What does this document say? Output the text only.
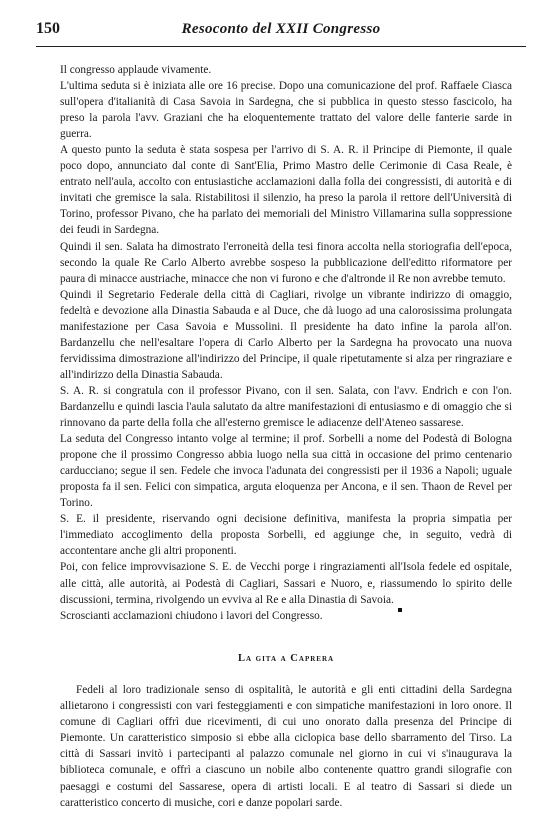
150	Resoconto del XXII Congresso

Il congresso applaude vivamente.

L'ultima seduta si è iniziata alle ore 16 precise. Dopo una comunicazione del prof. Raffaele Ciasca sull'opera d'italianità di Casa Savoia in Sardegna, che si pubblica in questo stesso fascicolo, ha preso la parola l'avv. Graziani che ha eloquentemente trattato del valore delle fanterie sarde in guerra.

A questo punto la seduta è stata sospesa per l'arrivo di S. A. R. il Principe di Piemonte, il quale poco dopo, annunciato dal conte di Sant'Elia, Primo Mastro delle Cerimonie di Casa Reale, è entrato nell'aula, accolto con entusiastiche acclamazioni dalla folla dei congressisti, di autorità e di invitati che gremisce la sala. Ristabilitosi il silenzio, ha preso la parola il rettore dell'Università di Torino, professor Pivano, che ha parlato dei memoriali del Ministro Villamarina sulla soppressione dei feudi in Sardegna.

Quindi il sen. Salata ha dimostrato l'erroneità della tesi finora accolta nella storiografia dell'epoca, secondo la quale Re Carlo Alberto avrebbe sospeso la pubblicazione dell'editto riformatore per paura di minacce austriache, minacce che non vi furono e che d'altronde il Re non avrebbe temuto.

Quindi il Segretario Federale della città di Cagliari, rivolge un vibrante indirizzo di omaggio, fedeltà e devozione alla Dinastia Sabauda e al Duce, che dà luogo ad una calorosissima prolungata manifestazione per Casa Savoia e Mussolini. Il presidente ha dato infine la parola all'on. Bardanzellu che nell'esaltare l'opera di Carlo Alberto per la Sardegna ha provocato una nuova fervidissima dimostrazione all'indirizzo del Principe, il quale ripetutamente si alza per ringraziare e all'indirizzo della Dinastia Sabauda.

S. A. R. si congratula con il professor Pivano, con il sen. Salata, con l'avv. Endrich e con l'on. Bardanzellu e quindi lascia l'aula salutato da altre manifestazioni di entusiasmo e di omaggio che si rinnovano da parte della folla che all'esterno gremisce le adiacenze dell'Ateneo sassarese.

La seduta del Congresso intanto volge al termine; il prof. Sorbelli a nome del Podestà di Bologna propone che il prossimo Congresso abbia luogo nella sua città in occasione del primo centenario carducciano; segue il sen. Fedele che invoca l'adunata dei congressisti per il 1936 a Napoli; uguale proposta fa il sen. Felici con simpatica, arguta eloquenza per Ancona, e il sen. Thaon de Revel per Torino.

S. E. il presidente, riservando ogni decisione definitiva, manifesta la propria simpatia per l'immediato accoglimento della proposta Sorbelli, ed aggiunge che, in seguito, vedrà di accontentare anche gli altri proponenti.

Poi, con felice improvvisazione S. E. de Vecchi porge i ringraziamenti all'Isola fedele ed ospitale, alle città, alle autorità, ai Podestà di Cagliari, Sassari e Nuoro, e, riassumendo lo spirito delle discussioni, termina, rivolgendo un evviva al Re e alla Dinastia di Savoia.

Scroscianti acclamazioni chiudono i lavori del Congresso.

La gita a Caprera

Fedeli al loro tradizionale senso di ospitalità, le autorità e gli enti cittadini della Sardegna allietarono i congressisti con vari festeggiamenti e con simpatiche manifestazioni in loro onore. Il comune di Cagliari offrì due ricevimenti, di cui uno onorato dalla presenza del Principe di Piemonte. Un caratteristico simposio si ebbe alla ciclopica base dello sbarramento del Tirso. La città di Sassari invitò i partecipanti al palazzo comunale nel giorno in cui vi s'inaugurava la biblioteca comunale, e offrì a ciascuno un nobile albo contenente quattro grandi silografie con paesaggi e costumi del Sassarese, opera di artisti locali. E al teatro di Sassari si diede un caratteristico concerto di musiche, cori e danze popolari sarde.
